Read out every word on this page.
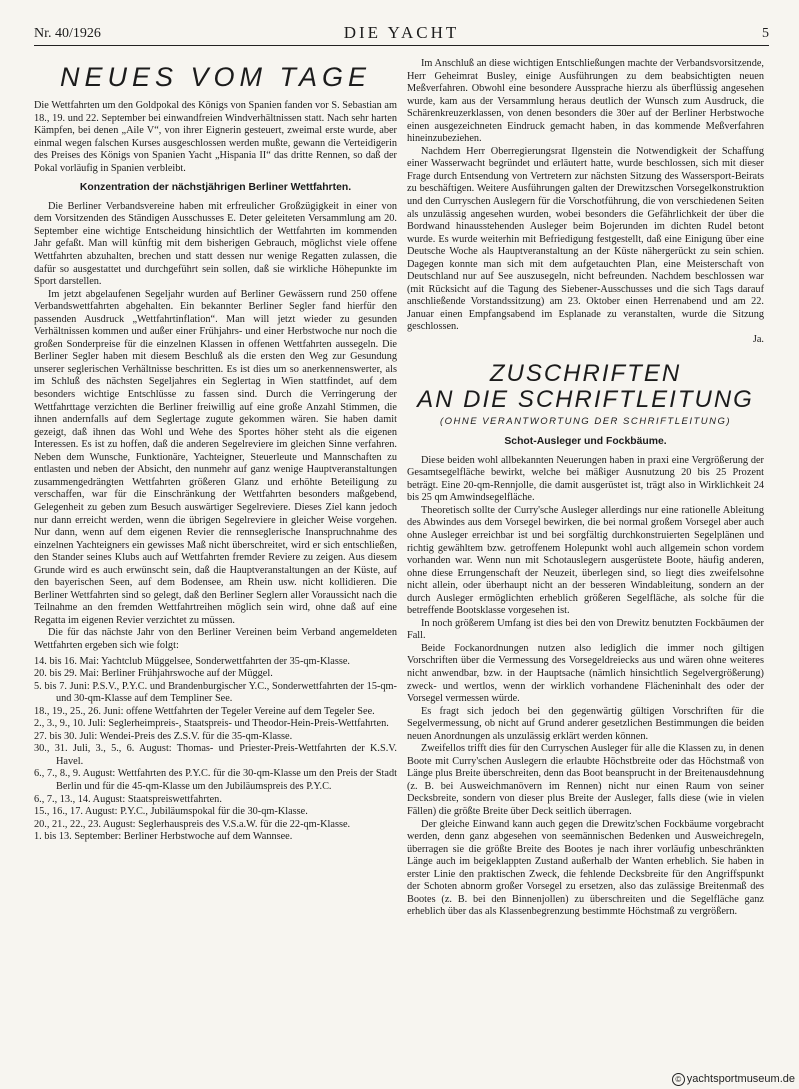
Nr. 40/1926	DIE YACHT	5
NEUES VOM TAGE

Die Wettfahrten um den Goldpokal des Königs von Spanien fanden vor S. Sebastian am 18., 19. und 22. September bei einwandfreien Windverhältnissen statt. Nach sehr harten Kämpfen, bei denen „Aile V“, von ihrer Eignerin gesteuert, zweimal erste wurde, aber einmal wegen falschen Kurses ausgeschlossen werden mußte, gewann die Verteidigerin des Preises des Königs von Spanien Yacht „Hispania II“ das dritte Rennen, so daß der Pokal vorläufig in Spanien verbleibt.

Konzentration der nächstjährigen Berliner Wettfahrten.

Die Berliner Verbandsvereine haben mit erfreulicher Großzügigkeit in einer von dem Vorsitzenden des Ständigen Ausschusses E. Deter geleiteten Versammlung am 20. September eine wichtige Entscheidung hinsichtlich der Wettfahrten im kommenden Jahr gefaßt. Man will künftig mit dem bisherigen Gebrauch, möglichst viele offene Wettfahrten abzuhalten, brechen und statt dessen nur wenige Regatten zulassen, die dafür so ausgestattet und durchgeführt sein sollen, daß sie wirkliche Höhepunkte im Sport darstellen.

Im jetzt abgelaufenen Segeljahr wurden auf Berliner Gewässern rund 250 offene Verbandswettfahrten abgehalten. Ein bekannter Berliner Segler fand hierfür den passenden Ausdruck „Wettfahrtinflation“. Man will jetzt wieder zu gesunden Verhältnissen kommen und außer einer Frühjahrs- und einer Herbstwoche nur noch die großen Sonderpreise für die einzelnen Klassen in offenen Wettfahrten aussegeln. Die Berliner Segler haben mit diesem Beschluß als die ersten den Weg zur Gesundung unserer seglerischen Verhältnisse beschritten. Es ist dies um so anerkennenswerter, als im Schluß des nächsten Segeljahres ein Seglertag in Wien stattfindet, auf dem besonders wichtige Entschlüsse zu fassen sind. Durch die Verringerung der Wettfahrttage verzichten die Berliner freiwillig auf eine große Anzahl Stimmen, die ihnen andernfalls auf dem Seglertage zugute gekommen wären. Sie haben damit gezeigt, daß ihnen das Wohl und Wehe des Sportes höher steht als die eigenen Interessen. Es ist zu hoffen, daß die anderen Segelreviere im gleichen Sinne verfahren. Neben dem Wunsche, Funktionäre, Yachteigner, Steuerleute und Mannschaften zu entlasten und neben der Absicht, den nunmehr auf ganz wenige Hauptveranstaltungen zusammengedrängten Wettfahrten größeren Glanz und erhöhte Beteiligung zu verschaffen, war für die Einschränkung der Wettfahrten besonders maßgebend, Gelegenheit zu geben zum Besuch auswärtiger Segelreviere. Dieses Ziel kann jedoch nur dann erreicht werden, wenn die übrigen Segelreviere in gleicher Weise vorgehen. Nur dann, wenn auf dem eigenen Revier die rennseglerische Inanspruchnahme des einzelnen Yachteigners ein gewisses Maß nicht überschreitet, wird er sich entschließen, den Stander seines Klubs auch auf Wettfahrten fremder Reviere zu zeigen. Aus diesem Grunde wird es auch erwünscht sein, daß die Hauptveranstaltungen an der Küste, auf den bayerischen Seen, auf dem Bodensee, am Rhein usw. nicht kollidieren. Die Berliner Wettfahrten sind so gelegt, daß den Berliner Seglern aller Voraussicht nach die Teilnahme an den fremden Wettfahrtreihen möglich sein wird, ohne daß auf eine Regatta im eigenen Revier verzichtet zu müssen.

Die für das nächste Jahr von den Berliner Vereinen beim Verband angemeldeten Wettfahrten ergeben sich wie folgt:

14. bis 16. Mai: Yachtclub Müggelsee, Sonderwettfahrten der 35-qm-Klasse.
20. bis 29. Mai: Berliner Frühjahrswoche auf der Müggel.
5. bis 7. Juni: P.S.V., P.Y.C. und Brandenburgischer Y.C., Sonderwettfahrten der 15-qm- und 30-qm-Klasse auf dem Templiner See.
18., 19., 25., 26. Juni: offene Wettfahrten der Tegeler Vereine auf dem Tegeler See.
2., 3., 9., 10. Juli: Seglerheimpreis-, Staatspreis- und Theodor-Hein-Preis-Wettfahrten.
27. bis 30. Juli: Wendei-Preis des Z.S.V. für die 35-qm-Klasse.
30., 31. Juli, 3., 5., 6. August: Thomas- und Priester-Preis-Wettfahrten der K.S.V. Havel.
6., 7., 8., 9. August: Wettfahrten des P.Y.C. für die 30-qm-Klasse um den Preis der Stadt Berlin und für die 45-qm-Klasse um den Jubiläumspreis des P.Y.C.
6., 7., 13., 14. August: Staatspreiswettfahrten.
15., 16., 17. August: P.Y.C., Jubiläumspokal für die 30-qm-Klasse.
20., 21., 22., 23. August: Seglerhauspreis des V.S.a.W. für die 22-qm-Klasse.
1. bis 13. September: Berliner Herbstwoche auf dem Wannsee.

Im Anschluß an diese wichtigen Entschließungen machte der Verbandsvorsitzende, Herr Geheimrat Busley, einige Ausführungen zu dem beabsichtigten neuen Meßverfahren. Obwohl eine besondere Aussprache hierzu als überflüssig angesehen wurde, kam aus der Versammlung heraus deutlich der Wunsch zum Ausdruck, die Schärenkreuzerklassen, von denen besonders die 30er auf der Berliner Herbstwoche einen ausgezeichneten Eindruck gemacht haben, in das kommende Meßverfahren hineinzubeziehen.

Nachdem Herr Oberregierungsrat Ilgenstein die Notwendigkeit der Schaffung einer Wasserwacht begründet und erläutert hatte, wurde beschlossen, sich mit dieser Frage durch Entsendung von Vertretern zur nächsten Sitzung des Wassersport-Beirats zu beschäftigen. Weitere Ausführungen galten der Drewitzschen Vorsegelkonstruktion und den Curryschen Auslegern für die Vorschotführung, die von verschiedenen Seiten als unzulässig angesehen wurden, wobei besonders die Gefährlichkeit der über die Bordwand hinausstehenden Ausleger beim Bojerunden im dichten Rudel betont wurde. Es wurde weiterhin mit Befriedigung festgestellt, daß eine Einigung über eine Deutsche Woche als Hauptveranstaltung an der Küste nähergerückt zu sein schien. Dagegen konnte man sich mit dem aufgetauchten Plan, eine Meisterschaft von Deutschland nur auf See auszusegeln, nicht befreunden. Nachdem beschlossen war (mit Rücksicht auf die Tagung des Siebener-Ausschusses und die sich Tags darauf anschließende Vorstandssitzung) am 23. Oktober einen Herrenabend und am 22. Januar einen Empfangsabend im Esplanade zu veranstalten, wurde die Sitzung geschlossen.

Ja.
ZUSCHRIFTEN
AN DIE SCHRIFTLEITUNG
(OHNE VERANTWORTUNG DER SCHRIFTLEITUNG)
Schot-Ausleger und Fockbäume.

Diese beiden wohl allbekannten Neuerungen haben in praxi eine Vergrößerung der Gesamtsegelfläche bewirkt, welche bei mäßiger Ausnutzung 20 bis 25 Prozent beträgt. Eine 20-qm-Rennjolle, die damit ausgerüstet ist, trägt also in Wirklichkeit 24 bis 25 qm Amwindsegelfläche.

Theoretisch sollte der Curry'sche Ausleger allerdings nur eine rationelle Ableitung des Abwindes aus dem Vorsegel bewirken, die bei normal großem Vorsegel aber auch ohne Ausleger erreichbar ist und bei sorgfältig durchkonstruierten Segelplänen und richtig gewähltem bzw. getroffenem Holepunkt wohl auch allgemein schon vordem vorhanden war. Wenn nun mit Schotauslegern ausgerüstete Boote, häufig anderen, ohne diese Errungenschaft der Neuzeit, überlegen sind, so liegt dies zweifelsohne nicht allein, oder überhaupt nicht an der besseren Windableitung, sondern an der durch Ausleger ermöglichten erheblich größeren Segelfläche, als solche für die betreffende Bootsklasse vorgesehen ist.

In noch größerem Umfang ist dies bei den von Drewitz benutzten Fockbäumen der Fall.

Beide Fockanordnungen nutzen also lediglich die immer noch giltigen Vorschriften über die Vermessung des Vorsegeldreiecks aus und wären ohne weiteres nicht anwendbar, bzw. in der Hauptsache (nämlich hinsichtlich Segelvergrößerung) zweck- und wertlos, wenn der wirklich vorhandene Flächeninhalt des oder der Vorsegel vermessen würde.

Es fragt sich jedoch bei den gegenwärtig gültigen Vorschriften für die Segelvermessung, ob nicht auf Grund anderer gesetzlichen Bestimmungen die beiden neuen Anordnungen als unzulässig erklärt werden können.

Zweifellos trifft dies für den Curryschen Ausleger für alle die Klassen zu, in denen Boote mit Curry'schen Auslegern die erlaubte Höchstbreite oder das Höchstmaß von Länge plus Breite überschreiten, denn das Boot beansprucht in der Breitenausdehnung (z. B. bei Ausweichmanövern im Rennen) nicht nur einen Raum von seiner Decksbreite, sondern von dieser plus Breite der Ausleger, falls diese (wie in vielen Fällen) die größte Breite über Deck seitlich überragen.

Der gleiche Einwand kann auch gegen die Drewitz'schen Fockbäume vorgebracht werden, denn ganz abgesehen von seemännischen Bedenken und Ausweichregeln, überragen sie die größte Breite des Bootes je nach ihrer vorläufig unbeschränkten Länge auch im beigeklappten Zustand außerhalb der Wanten erheblich. Sie haben in erster Linie den praktischen Zweck, die fehlende Decksbreite für den Angriffspunkt der Schoten abnorm großer Vorsegel zu ersetzen, also das zulässige Breitenmaß des Bootes (z. B. bei den Binnenjollen) zu überschreiten und die Segelfläche ganz erheblich über das als Klassenbegrenzung bestimmte Höchstmaß zu vergrößern.

© yachtsportmuseum.de
